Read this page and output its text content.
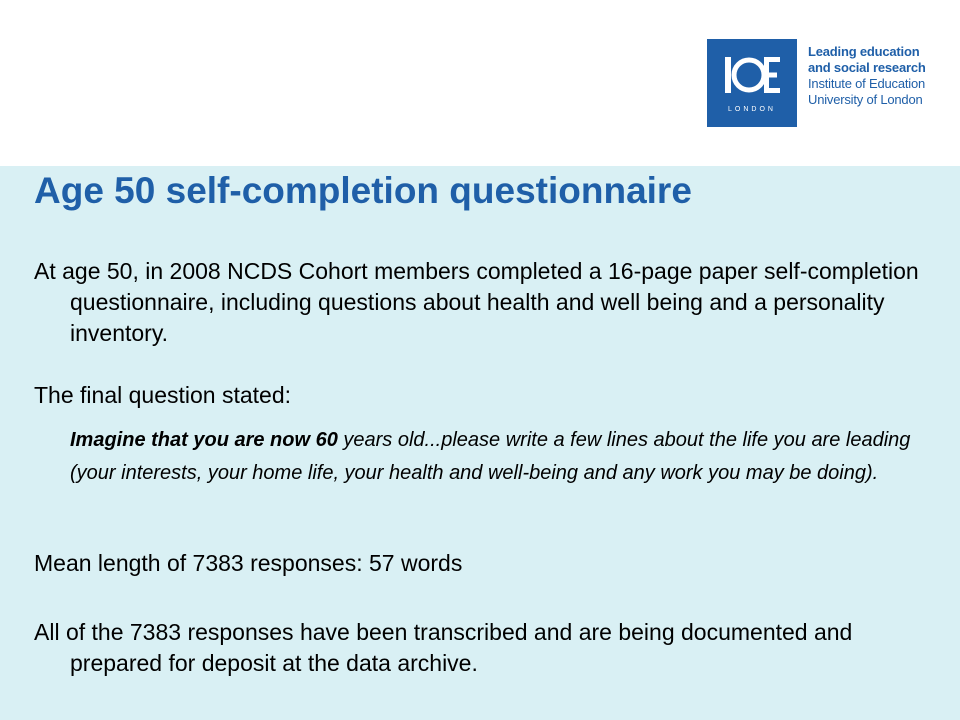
LONDON
Leading education
and social research
Institute of Education
University of London
Age 50 self-completion questionnaire

At age 50, in 2008 NCDS Cohort members completed a 16-page paper self-completion questionnaire, including questions about health and well being and a personality inventory.

The final question stated:

Imagine that you are now 60 years old...please write a few lines about the life you are leading (your interests, your home life, your health and well-being and any work you may be doing).

Mean length of 7383 responses: 57 words

All of the 7383 responses have been transcribed and are being documented and prepared for deposit at the data archive.
